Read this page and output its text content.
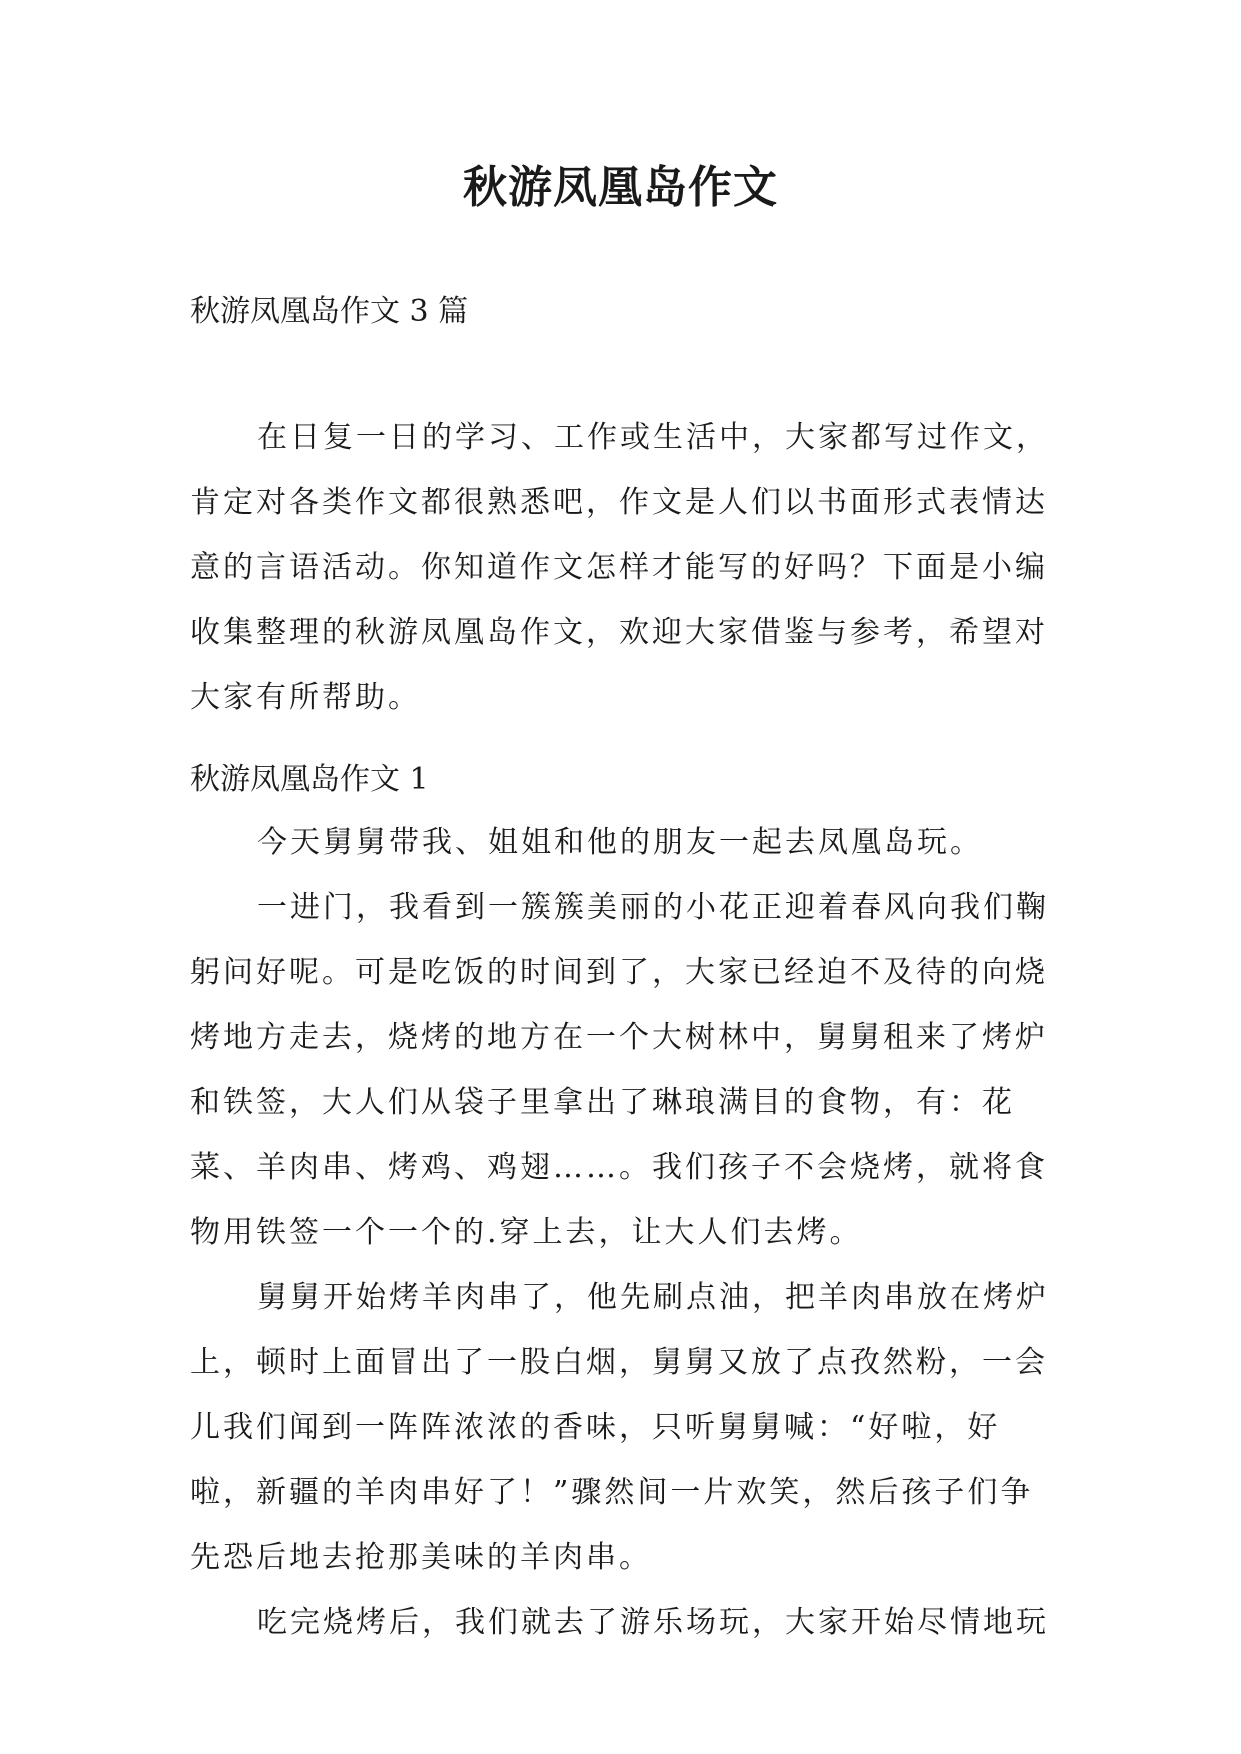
秋游凤凰岛作文
秋游凤凰岛作文 3 篇

在日复一日的学习、工作或生活中，大家都写过作文，肯定对各类作文都很熟悉吧，作文是人们以书面形式表情达意的言语活动。你知道作文怎样才能写的好吗？下面是小编收集整理的秋游凤凰岛作文，欢迎大家借鉴与参考，希望对大家有所帮助。

秋游凤凰岛作文 1

今天舅舅带我、姐姐和他的朋友一起去凤凰岛玩。

一进门，我看到一簇簇美丽的小花正迎着春风向我们鞠躬问好呢。可是吃饭的时间到了，大家已经迫不及待的向烧烤地方走去，烧烤的地方在一个大树林中，舅舅租来了烤炉和铁签，大人们从袋子里拿出了琳琅满目的食物，有：花菜、羊肉串、烤鸡、鸡翅……。我们孩子不会烧烤，就将食物用铁签一个一个的.穿上去，让大人们去烤。

舅舅开始烤羊肉串了，他先刷点油，把羊肉串放在烤炉上，顿时上面冒出了一股白烟，舅舅又放了点孜然粉，一会儿我们闻到一阵阵浓浓的香味，只听舅舅喊：“好啦，好啦，新疆的羊肉串好了！”骤然间一片欢笑，然后孩子们争先恐后地去抢那美味的羊肉串。

吃完烧烤后，我们就去了游乐场玩，大家开始尽情地玩
